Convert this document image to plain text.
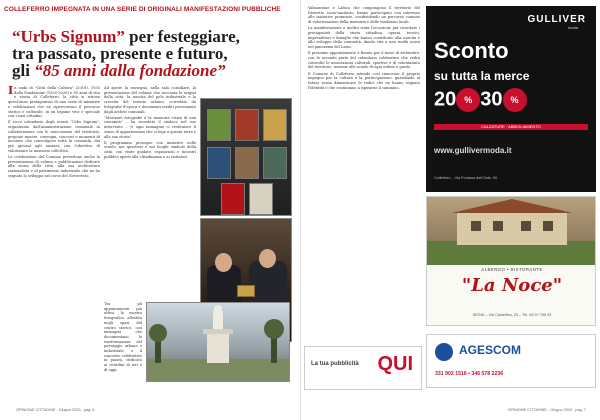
COLLEFERRO IMPEGNATA IN UNA SERIE DI ORIGINALI MANIFESTAZIONI PUBBLICHE
“Urbs Signum” per festeggiare,
tra passato, presente e futuro,
gli “85 anni dalla fondazione”

In onda di "Città della Cultura" (2018), 1935 della Fondazione (1935-2020) e 85 anni di vita e storia di Colleferro: la città si ritrova quest'anno protagonista di una serie di iniziative e celebrazioni che ne ripercorrono il percorso storico e culturale, in un legame vivo e speciale con i suoi cittadini.

Il ricco calendario degli eventi "Urbs Signum", organizzato dall'Amministrazione comunale in collaborazione con le associazioni del territorio, propone mostre, convegni, concerti e momenti di incontro che coinvolgono tutta la comunità, dai più giovani agli anziani, con l'obiettivo di valorizzare la memoria collettiva.

Le celebrazioni del Comune prevedono anche la presentazione di volumi e pubblicazioni dedicate alla storia della città, alla sua architettura razionalista e al patrimonio industriale che ne ha segnato lo sviluppo nel corso del Novecento.

Ad aprire la rassegna, nella sala consiliare, la presentazione del volume che racconta le origini della città, la nascita del polo industriale e la crescita del tessuto urbano, corredato da fotografie d'epoca e documenti inediti provenienti dagli archivi comunali.

"Mostrare fotografie è la memoria visiva di una comunità" – ha ricordato il sindaco nel suo intervento – "e ogni immagine ci restituisce il senso di appartenenza che ci lega a questa terra e alla sua storia".

Il programma prosegue con iniziative nelle scuole, nei quartieri e nei luoghi simbolo della città, con visite guidate, esposizioni e incontri pubblici aperti alla cittadinanza e ai visitatori.

Tra gli appuntamenti più attesi, la mostra fotografica allestita negli spazi del centro storico, con immagini che documentano le trasformazioni del paesaggio urbano e industriale, e il concerto celebrativo in piazza, dedicato ai cittadini di ieri e di oggi.

Valmontone e Labico che compongono il territorio del Distretto socio-sanitario, hanno partecipato con interesse alle iniziative promosse, condividendo un percorso comune di valorizzazione della memoria e delle tradizioni locali.

La manifestazione è inoltre stata l'occasione per ricordare i protagonisti della storia cittadina: operai, tecnici, imprenditori e famiglie che hanno contribuito alla nascita e allo sviluppo della comunità, dando vita a una realtà unica nel panorama del Lazio.

Il prossimo appuntamento è fissato per il mese di settembre, con la seconda parte del calendario celebrativo che vedrà coinvolte le associazioni culturali, sportive e di volontariato del territorio, insieme alle scuole di ogni ordine e grado.

Il Comune di Colleferro intende così rinnovare il proprio impegno per la cultura e la partecipazione, guardando al futuro senza dimenticare le radici che ne hanno segnato l'identità e che continuano a ispirarne il cammino.

GULLIVER
moda
Sconto
su tutta la merce
20 % 30 %
CALZATURE · ABBIGLIAMENTO
www.gullivermoda.it
Colleferro – Via Fontana dell'Oste, 90
ALBERGO • RISTORANTE
"La Noce"
SEGNI – Via Castellino, 23 – Tel. 06 97 766 93
La tua pubblicità QUI
AGESCOM
331 902 1516 • 346 578 2236
OPINIONE CITTADINE - Giugno 2020 - pag. 6	OPINIONE CITTADINE - Giugno 2020 - pag. 7
